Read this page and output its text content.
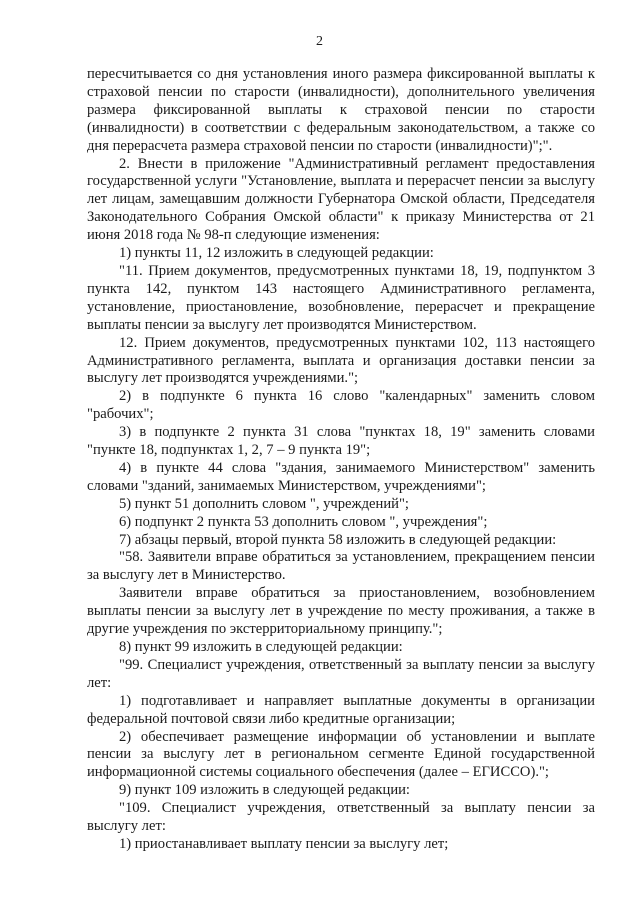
2

пересчитывается со дня установления иного размера фиксированной выплаты к страховой пенсии по старости (инвалидности), дополнительного увеличения размера фиксированной выплаты к страховой пенсии по старости (инвалидности) в соответствии с федеральным законодательством, а также со дня перерасчета размера страховой пенсии по старости (инвалидности)";".

2. Внести в приложение "Административный регламент предоставления государственной услуги "Установление, выплата и перерасчет пенсии за выслугу лет лицам, замещавшим должности Губернатора Омской области, Председателя Законодательного Собрания Омской области" к приказу Министерства от 21 июня 2018 года № 98-п следующие изменения:

1) пункты 11, 12 изложить в следующей редакции:

"11. Прием документов, предусмотренных пунктами 18, 19, подпунктом 3 пункта 142, пунктом 143 настоящего Административного регламента, установление, приостановление, возобновление, перерасчет и прекращение выплаты пенсии за выслугу лет производятся Министерством.

12. Прием документов, предусмотренных пунктами 102, 113 настоящего Административного регламента, выплата и организация доставки пенсии за выслугу лет производятся учреждениями.";

2) в подпункте 6 пункта 16 слово "календарных" заменить словом "рабочих";

3) в подпункте 2 пункта 31 слова "пунктах 18, 19" заменить словами "пункте 18, подпунктах 1, 2, 7 – 9 пункта 19";

4) в пункте 44 слова "здания, занимаемого Министерством" заменить словами "зданий, занимаемых Министерством, учреждениями";

5) пункт 51 дополнить словом ", учреждений";

6) подпункт 2 пункта 53 дополнить словом ", учреждения";

7) абзацы первый, второй пункта 58 изложить в следующей редакции:

"58. Заявители вправе обратиться за установлением, прекращением пенсии за выслугу лет в Министерство.

Заявители вправе обратиться за приостановлением, возобновлением выплаты пенсии за выслугу лет в учреждение по месту проживания, а также в другие учреждения по экстерриториальному принципу.";

8) пункт 99 изложить в следующей редакции:

"99. Специалист учреждения, ответственный за выплату пенсии за выслугу лет:

1) подготавливает и направляет выплатные документы в организации федеральной почтовой связи либо кредитные организации;

2) обеспечивает размещение информации об установлении и выплате пенсии за выслугу лет в региональном сегменте Единой государственной информационной системы социального обеспечения (далее – ЕГИССО).";

9) пункт 109 изложить в следующей редакции:

"109. Специалист учреждения, ответственный за выплату пенсии за выслугу лет:

1) приостанавливает выплату пенсии за выслугу лет;
